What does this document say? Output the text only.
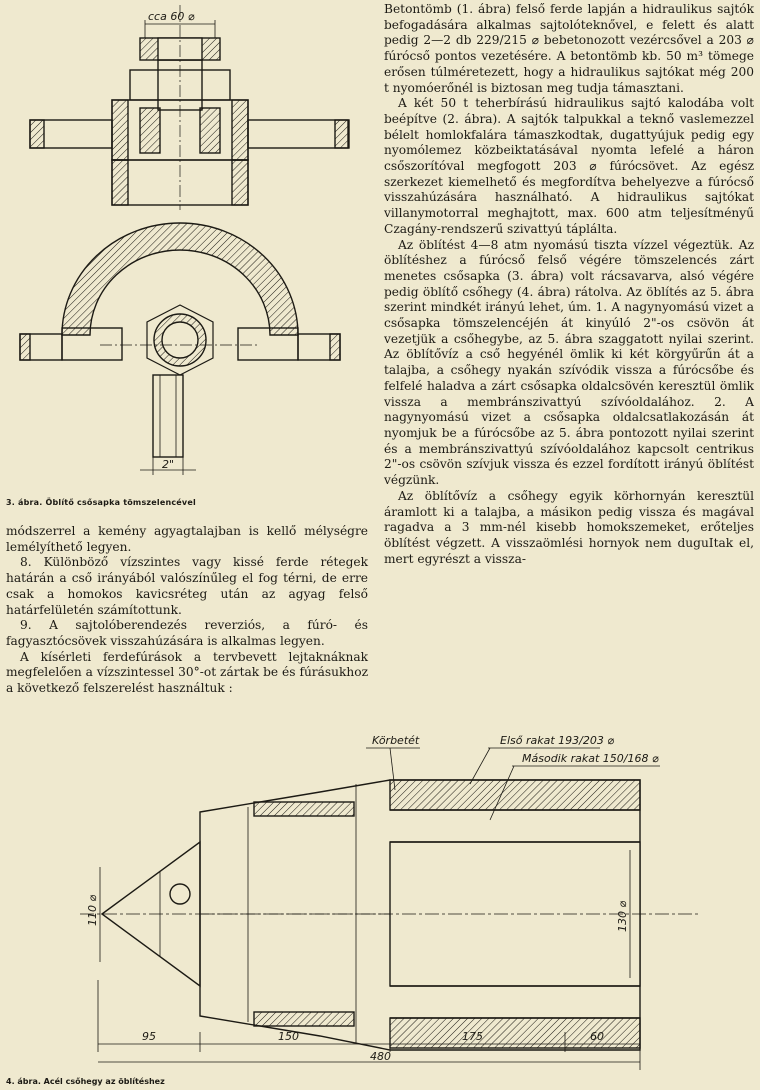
cca 60 ⌀
2"
3. ábra. Öblítő csősapka tömszelencével

módszerrel a kemény agyagtalajban is kellő mélységre lemélyíthető legyen.

8. Különböző vízszintes vagy kissé ferde rétegek határán a cső irányából valószínűleg el fog térni, de erre csak a homokos kavicsréteg után az agyag felső határfelületén számítottunk.

9. A sajtolóberendezés reverziós, a fúró- és fagyasztócsövek visszahúzására is alkalmas legyen.

A kísérleti ferdefúrások a tervbevett lejtaknáknak megfelelően a vízszintessel 30°-ot zártak be és fúrásukhoz a következő felszerelést használtuk :

Betontömb (1. ábra) felső ferde lapján a hidraulikus sajtók befogadására alkalmas sajtolóteknővel, e felett és alatt pedig 2—2 db 229/215 ⌀ bebetonozott vezércsővel a 203 ⌀ fúrócső pontos vezetésére. A betontömb kb. 50 m³ tömege erősen túlméretezett, hogy a hidraulikus sajtókat még 200 t nyomóerőnél is biztosan meg tudja támasztani.

A két 50 t teherbírású hidraulikus sajtó kalodába volt beépítve (2. ábra). A sajtók talpukkal a teknő vaslemezzel bélelt homlokfalára támaszkodtak, dugattyújuk pedig egy nyomólemez közbeiktatásával nyomta lefelé a háron csőszorítóval megfogott 203 ⌀ fúrócsövet. Az egész szerkezet kiemelhető és megfordítva behelyezve a fúrócső visszahúzására használható. A hidraulikus sajtókat villanymotorral meghajtott, max. 600 atm teljesítményű Czagány-rendszerű szivattyú táplálta.

Az öblítést 4—8 atm nyomású tiszta vízzel végeztük. Az öblítéshez a fúrócső felső végére tömszelencés zárt menetes csősapka (3. ábra) volt rácsavarva, alsó végére pedig öblítő csőhegy (4. ábra) rátolva. Az öblítés az 5. ábra szerint mindkét irányú lehet, úm. 1. A nagynyomású vizet a csősapka tömszelencéjén át kinyúló 2"-os csövön át vezetjük a csőhegybe, az 5. ábra szaggatott nyilai szerint. Az öblítővíz a cső hegyénél ömlik ki két körgyűrűn át a talajba, a csőhegy nyakán szívódik vissza a fúrócsőbe és felfelé haladva a zárt csősapka oldalcsövén keresztül ömlik vissza a membránszivattyú szívóoldalához. 2. A nagynyomású vizet a csősapka oldalcsatlakozásán át nyomjuk be a fúrócsőbe az 5. ábra pontozott nyilai szerint és a membránszivattyú szívóoldalához kapcsolt centrikus 2"-os csövön szívjuk vissza és ezzel fordított irányú öblítést végzünk.

Az öblítővíz a csőhegy egyik körhornyán keresztül áramlott ki a talajba, a másikon pedig vissza és magával ragadva a 3 mm-nél kisebb homokszemeket, erőteljes öblítést végzett. A visszaömlési hornyok nem duguItak el, mert egyrészt a vissza-

Körbetét	Első rakat 193/203 ⌀
Második rakat 150/168 ⌀
110 ⌀	130 ⌀
95	150	175	60
480
4. ábra. Acél csőhegy az öblítéshez
